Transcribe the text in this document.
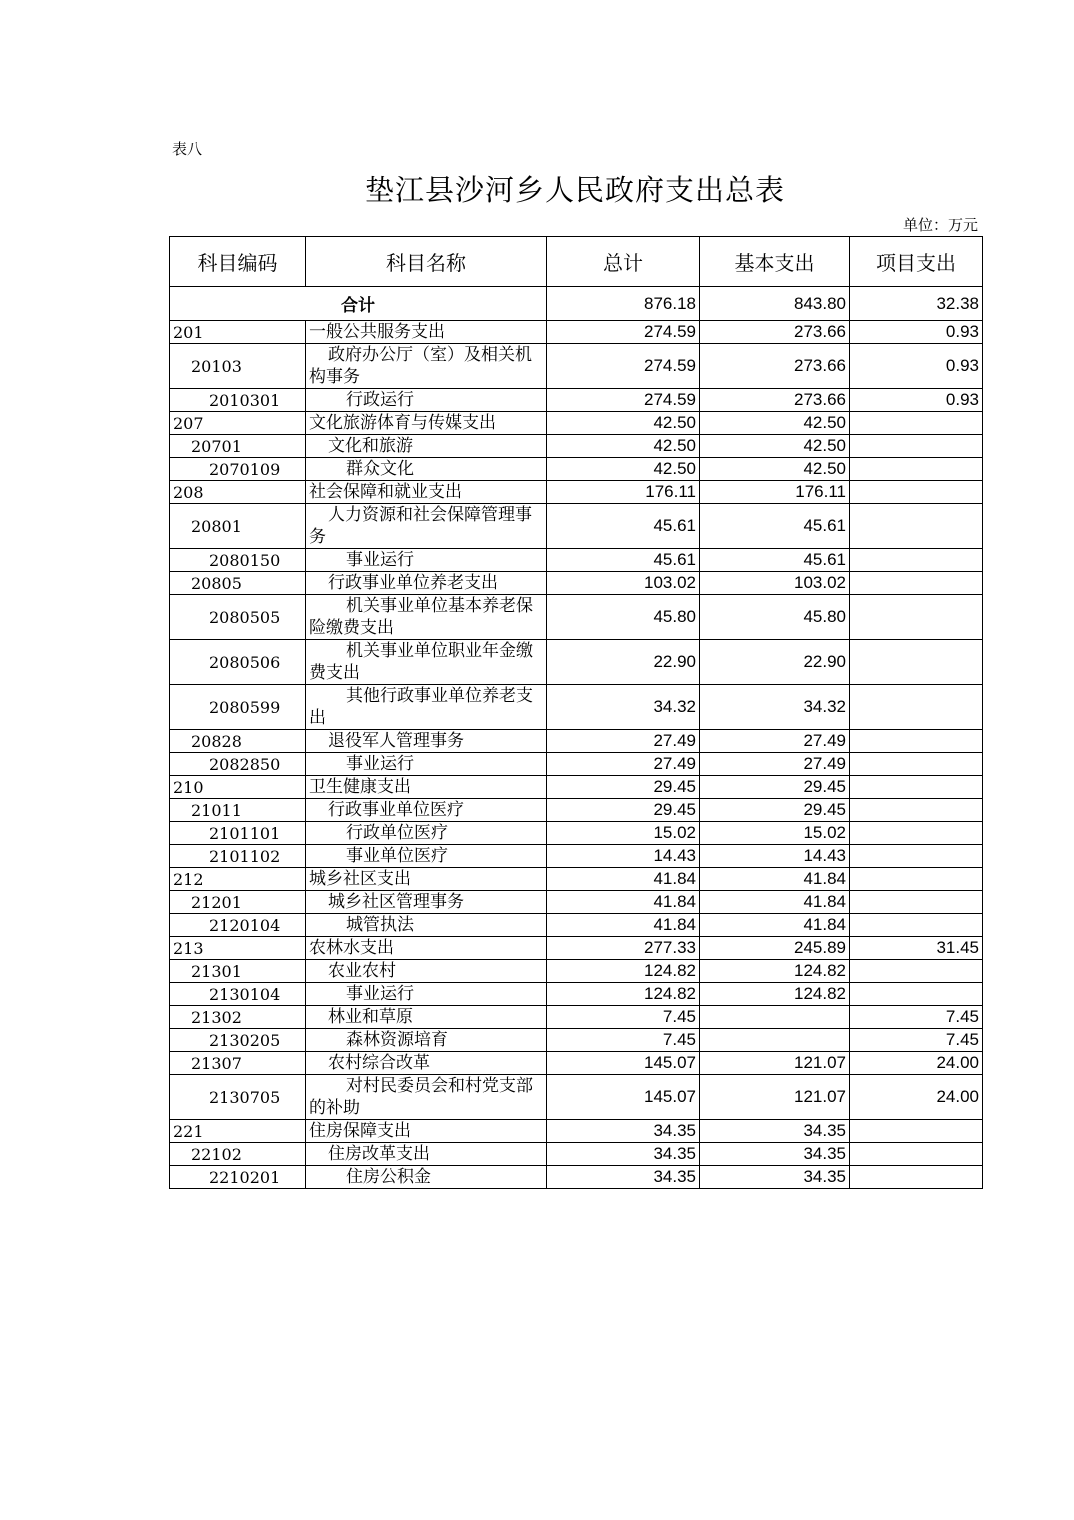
表八
垫江县沙河乡人民政府支出总表
单位：万元
科目编码	科目名称	总计	基本支出	项目支出
合计		876.18	843.80	32.38
201	一般公共服务支出	274.59	273.66	0.93
20103	政府办公厅（室）及相关机构事务	274.59	273.66	0.93
2010301	行政运行	274.59	273.66	0.93
207	文化旅游体育与传媒支出	42.50	42.50	
20701	文化和旅游	42.50	42.50	
2070109	群众文化	42.50	42.50	
208	社会保障和就业支出	176.11	176.11	
20801	人力资源和社会保障管理事务	45.61	45.61	
2080150	事业运行	45.61	45.61	
20805	行政事业单位养老支出	103.02	103.02	
2080505	机关事业单位基本养老保险缴费支出	45.80	45.80	
2080506	机关事业单位职业年金缴费支出	22.90	22.90	
2080599	其他行政事业单位养老支出	34.32	34.32	
20828	退役军人管理事务	27.49	27.49	
2082850	事业运行	27.49	27.49	
210	卫生健康支出	29.45	29.45	
21011	行政事业单位医疗	29.45	29.45	
2101101	行政单位医疗	15.02	15.02	
2101102	事业单位医疗	14.43	14.43	
212	城乡社区支出	41.84	41.84	
21201	城乡社区管理事务	41.84	41.84	
2120104	城管执法	41.84	41.84	
213	农林水支出	277.33	245.89	31.45
21301	农业农村	124.82	124.82	
2130104	事业运行	124.82	124.82	
21302	林业和草原	7.45		7.45
2130205	森林资源培育	7.45		7.45
21307	农村综合改革	145.07	121.07	24.00
2130705	对村民委员会和村党支部的补助	145.07	121.07	24.00
221	住房保障支出	34.35	34.35	
22102	住房改革支出	34.35	34.35	
2210201	住房公积金	34.35	34.35	
